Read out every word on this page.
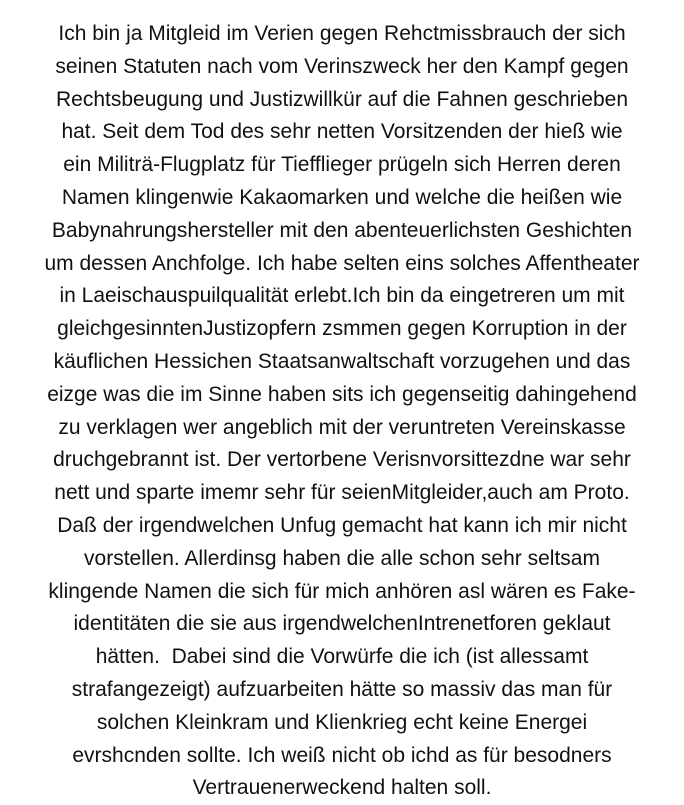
Ich bin ja Mitgleid im Verien gegen Rehctmissbrauch der sich
seinen Statuten nach vom Verinszweck her den Kampf gegen
Rechtsbeugung und Justizwillkür auf die Fahnen geschrieben
hat. Seit dem Tod des sehr netten Vorsitzenden der hieß wie
ein Militrä-Flugplatz für Tiefflieger prügeln sich Herren deren
Namen klingenwie Kakaomarken und welche die heißen wie
Babynahrungshersteller mit den abenteuerlichsten Geshichten
um dessen Anchfolge. Ich habe selten eins solches Affentheater
in Laeischauspuilqualität erlebt.Ich bin da eingetreren um mit
gleichgesinntenJustizopfern zsmmen gegen Korruption in der
käuflichen Hessichen Staatsanwaltschaft vorzugehen und das
eizge was die im Sinne haben sits ich gegenseitig dahingehend
zu verklagen wer angeblich mit der veruntreten Vereinskasse
druchgebrannt ist. Der vertorbene Verisnvorsittezdne war sehr
nett und sparte imemr sehr für seienMitgleider,auch am Proto.
Daß der irgendwelchen Unfug gemacht hat kann ich mir nicht
vorstellen. Allerdinsg haben die alle schon sehr seltsam
klingende Namen die sich für mich anhören asl wären es Fake-
identitäten die sie aus irgendwelchenIntrenetforen geklaut
hätten.  Dabei sind die Vorwürfe die ich (ist allessamt
strafangezeigt) aufzuarbeiten hätte so massiv das man für
solchen Kleinkram und Klienkrieg echt keine Energei
evrshcnden sollte. Ich weiß nicht ob ichd as für besodners
Vertrauenerweckend halten soll.
